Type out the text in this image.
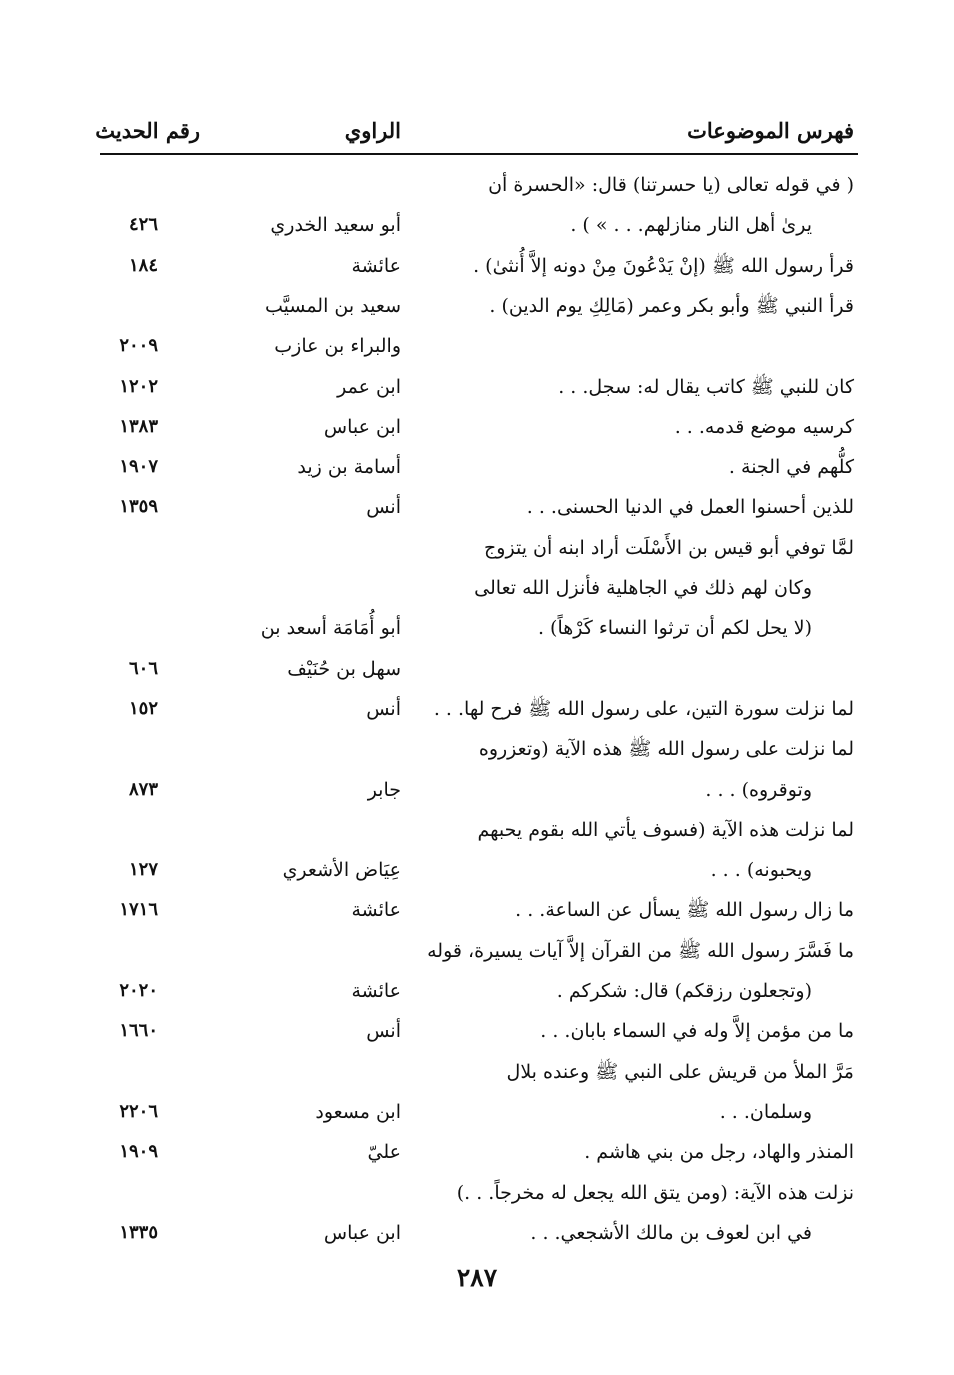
فهرس الموضوعات
الراوي
رقم الحديث
( في قوله تعالى (يا حسرتنا) قال: «الحسرة أن
يرىٰ أهل النار منازلهم. . . » ) .
أبو سعيد الخدري
٤٢٦
قرأ رسول الله ﷺ (إنْ يَدْعُونَ مِنْ دونه إلاَّ أُنثىٰ) .
عائشة
١٨٤
قرأ النبي ﷺ وأبو بكر وعمر (مَالِكِ يوم الدين) .
سعيد بن المسيَّب
والبراء بن عازب
٢٠٠٩
كان للنبي ﷺ كاتب يقال له: سجل. . .
ابن عمر
١٢٠٢
كرسيه موضع قدمه. . .
ابن عباس
١٣٨٣
كلُّهم في الجنة .
أسامة بن زيد
١٩٠٧
للذين أحسنوا العمل في الدنيا الحسنى. . .
أنس
١٣٥٩
لمَّا توفي أبو قيس بن الأَسْلَت أراد ابنه أن يتزوج
وكان لهم ذلك في الجاهلية فأنزل الله تعالى
(لا يحل لكم أن ترثوا النساء كَرْهاً) .
أبو أُمَامَة أسعد بن
سهل بن حُنَيْف
٦٠٦
لما نزلت سورة التين، على رسول الله ﷺ فرح لها. . .
أنس
١٥٢
لما نزلت على رسول الله ﷺ هذه الآية (وتعزروه
وتوقروه) . . .
جابر
٨٧٣
لما نزلت هذه الآية (فسوف يأتي الله بقوم يحبهم
ويحبونه) . . .
عِيَاض الأشعري
١٢٧
ما زال رسول الله ﷺ يسأل عن الساعة. . .
عائشة
١٧١٦
ما فَسَّرَ رسول الله ﷺ من القرآن إلاَّ آيات يسيرة، قوله
(وتجعلون رزقكم) قال: شكركم .
عائشة
٢٠٢٠
ما من مؤمن إلاَّ وله في السماء بابان. . .
أنس
١٦٦٠
مَرَّ الملأ من قريش على النبي ﷺ وعنده بلال
وسلمان. . .
ابن مسعود
٢٢٠٦
المنذر والهاد، رجل من بني هاشم .
عليّ
١٩٠٩
نزلت هذه الآية: (ومن يتق الله يجعل له مخرجاً. . .)
في ابن لعوف بن مالك الأشجعي. . .
ابن عباس
١٣٣٥
٢٨٧
